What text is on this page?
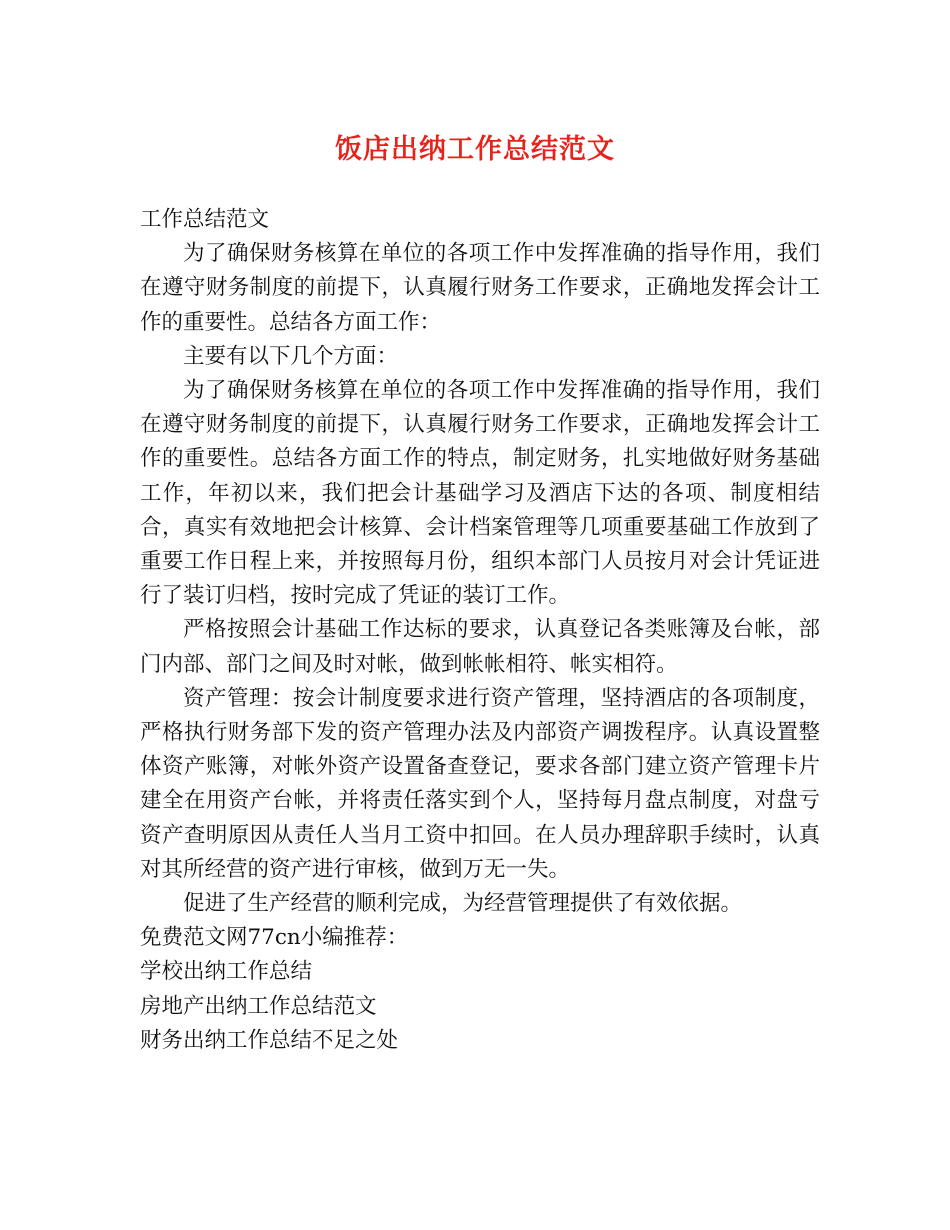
饭店出纳工作总结范文

工作总结范文

为了确保财务核算在单位的各项工作中发挥准确的指导作用，我们在遵守财务制度的前提下，认真履行财务工作要求，正确地发挥会计工作的重要性。总结各方面工作：

主要有以下几个方面：

为了确保财务核算在单位的各项工作中发挥准确的指导作用，我们在遵守财务制度的前提下，认真履行财务工作要求，正确地发挥会计工作的重要性。总结各方面工作的特点，制定财务，扎实地做好财务基础工作，年初以来，我们把会计基础学习及酒店下达的各项、制度相结合，真实有效地把会计核算、会计档案管理等几项重要基础工作放到了重要工作日程上来，并按照每月份，组织本部门人员按月对会计凭证进行了装订归档，按时完成了凭证的装订工作。

严格按照会计基础工作达标的要求，认真登记各类账簿及台帐，部门内部、部门之间及时对帐，做到帐帐相符、帐实相符。

资产管理：按会计制度要求进行资产管理，坚持酒店的各项制度，严格执行财务部下发的资产管理办法及内部资产调拨程序。认真设置整体资产账簿，对帐外资产设置备查登记，要求各部门建立资产管理卡片建全在用资产台帐，并将责任落实到个人，坚持每月盘点制度，对盘亏资产查明原因从责任人当月工资中扣回。在人员办理辞职手续时，认真对其所经营的资产进行审核，做到万无一失。

促进了生产经营的顺利完成，为经营管理提供了有效依据。

免费范文网77cn小编推荐：

学校出纳工作总结

房地产出纳工作总结范文

财务出纳工作总结不足之处
